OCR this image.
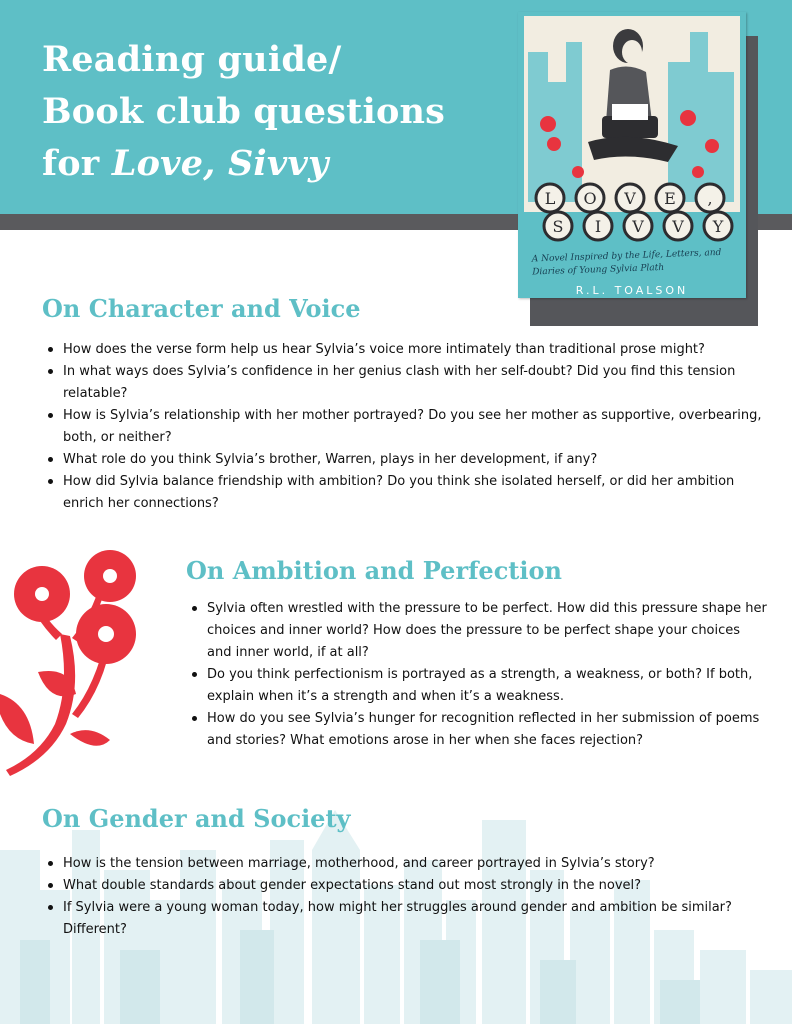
Reading guide/
Book club questions
for Love, Sivvy
L O V E ,
S I V V Y
A Novel Inspired by the Life, Letters, and Diaries of Young Sylvia Plath
R.L. TOALSON
On Character and Voice
How does the verse form help us hear Sylvia’s voice more intimately than traditional prose might?
In what ways does Sylvia’s confidence in her genius clash with her self-doubt? Did you find this tension relatable?
How is Sylvia’s relationship with her mother portrayed? Do you see her mother as supportive, overbearing, both, or neither?
What role do you think Sylvia’s brother, Warren, plays in her development, if any?
How did Sylvia balance friendship with ambition? Do you think she isolated herself, or did her ambition enrich her connections?
On Ambition and Perfection
Sylvia often wrestled with the pressure to be perfect. How did this pressure shape her choices and inner world? How does the pressure to be perfect shape your choices and inner world, if at all?
Do you think perfectionism is portrayed as a strength, a weakness, or both? If both, explain when it’s a strength and when it’s a weakness.
How do you see Sylvia’s hunger for recognition reflected in her submission of poems and stories? What emotions arose in her when she faces rejection?
On Gender and Society
How is the tension between marriage, motherhood, and career portrayed in Sylvia’s story?
What double standards about gender expectations stand out most strongly in the novel?
If Sylvia were a young woman today, how might her struggles around gender and ambition be similar? Different?
